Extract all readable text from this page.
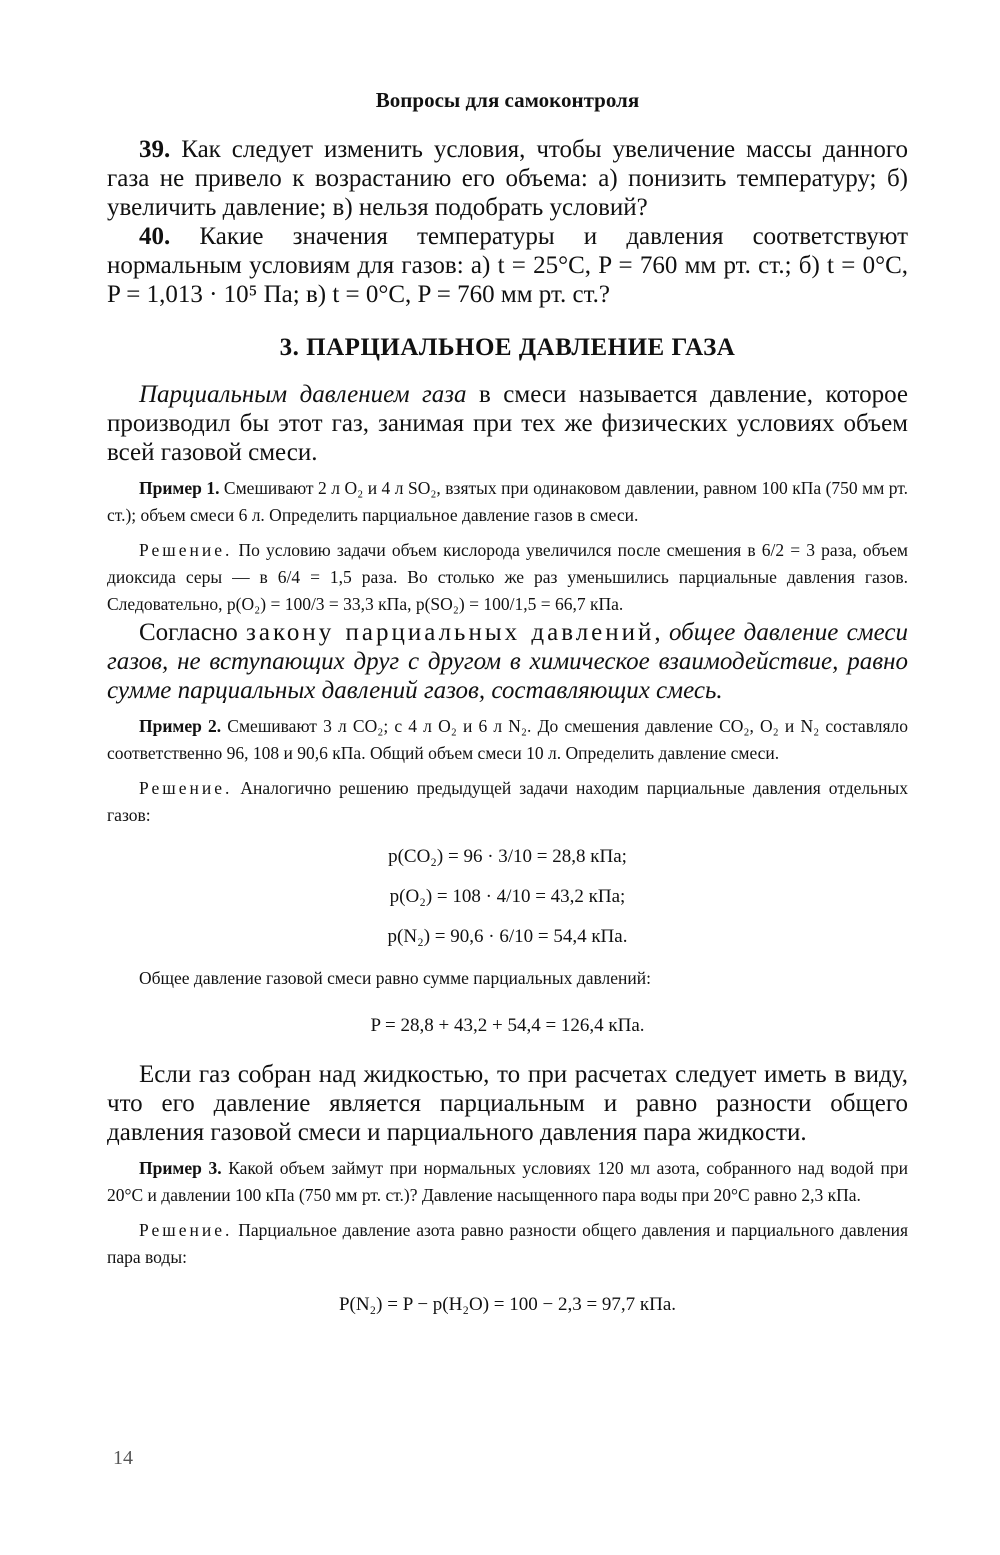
Вопросы для самоконтроля

39. Как следует изменить условия, чтобы увеличение массы данного газа не привело к возрастанию его объема: а) понизить температуру; б) увеличить давление; в) нельзя подобрать условий?

40. Какие значения температуры и давления соответствуют нормальным условиям для газов: а) t = 25°С, P = 760 мм рт. ст.; б) t = 0°С, P = 1,013 · 10⁵ Па; в) t = 0°С, P = 760 мм рт. ст.?

3. ПАРЦИАЛЬНОЕ ДАВЛЕНИЕ ГАЗА

Парциальным давлением газа в смеси называется давление, которое производил бы этот газ, занимая при тех же физических условиях объем всей газовой смеси.

Пример 1. Смешивают 2 л O₂ и 4 л SO₂, взятых при одинаковом давлении, равном 100 кПа (750 мм рт. ст.); объем смеси 6 л. Определить парциальное давление газов в смеси.

Решение. По условию задачи объем кислорода увеличился после смешения в 6/2 = 3 раза, объем диоксида серы — в 6/4 = 1,5 раза. Во столько же раз уменьшились парциальные давления газов. Следовательно, p(O₂) = 100/3 = 33,3 кПа, p(SO₂) = 100/1,5 = 66,7 кПа.

Согласно закону парциальных давлений, общее давление смеси газов, не вступающих друг с другом в химическое взаимодействие, равно сумме парциальных давлений газов, составляющих смесь.

Пример 2. Смешивают 3 л CO₂; с 4 л O₂ и 6 л N₂. До смешения давление CO₂, O₂ и N₂ составляло соответственно 96, 108 и 90,6 кПа. Общий объем смеси 10 л. Определить давление смеси.

Решение. Аналогично решению предыдущей задачи находим парциальные давления отдельных газов:

p(CO₂) = 96 · 3/10 = 28,8 кПа;

p(O₂) = 108 · 4/10 = 43,2 кПа;

p(N₂) = 90,6 · 6/10 = 54,4 кПа.

Общее давление газовой смеси равно сумме парциальных давлений:

P = 28,8 + 43,2 + 54,4 = 126,4 кПа.

Если газ собран над жидкостью, то при расчетах следует иметь в виду, что его давление является парциальным и равно разности общего давления газовой смеси и парциального давления пара жидкости.

Пример 3. Какой объем займут при нормальных условиях 120 мл азота, собранного над водой при 20°С и давлении 100 кПа (750 мм рт. ст.)? Давление насыщенного пара воды при 20°С равно 2,3 кПа.

Решение. Парциальное давление азота равно разности общего давления и парциального давления пара воды:

P(N₂) = P − p(H₂O) = 100 − 2,3 = 97,7 кПа.

14
